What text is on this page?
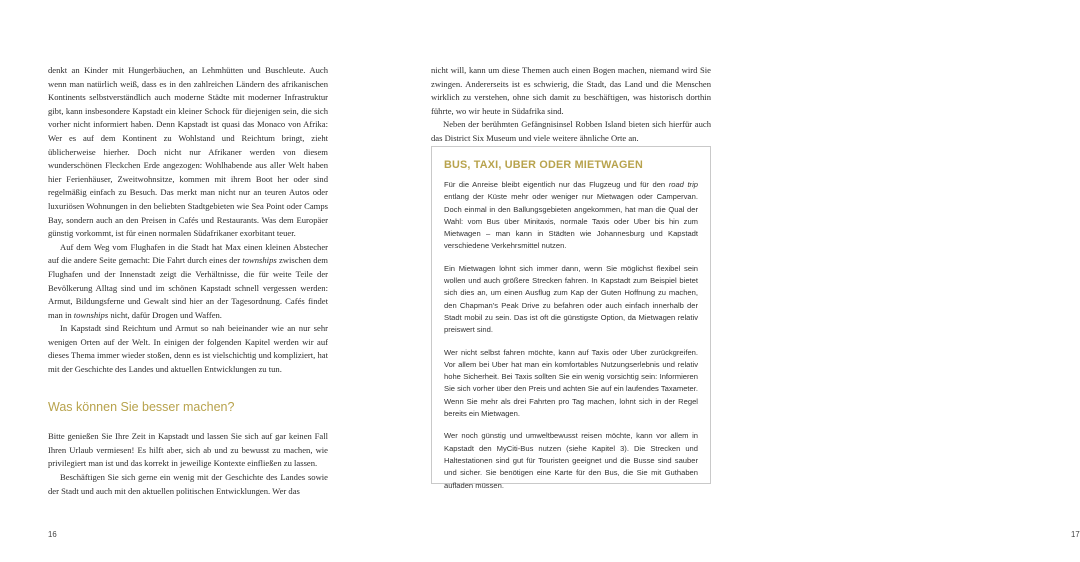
denkt an Kinder mit Hungerbäuchen, an Lehmhütten und Buschleute. Auch wenn man natürlich weiß, dass es in den zahlreichen Ländern des afrikanischen Kontinents selbstverständlich auch moderne Städte mit moderner Infrastruktur gibt, kann insbesondere Kapstadt ein kleiner Schock für diejenigen sein, die sich vorher nicht informiert haben. Denn Kapstadt ist quasi das Monaco von Afrika: Wer es auf dem Kontinent zu Wohlstand und Reichtum bringt, zieht üblicherweise hierher. Doch nicht nur Afrikaner werden von diesem wunderschönen Fleckchen Erde angezogen: Wohlhabende aus aller Welt haben hier Ferienhäuser, Zweitwohnsitze, kommen mit ihrem Boot her oder sind regelmäßig einfach zu Besuch. Das merkt man nicht nur an teuren Autos oder luxuriösen Wohnungen in den beliebten Stadtgebieten wie Sea Point oder Camps Bay, sondern auch an den Preisen in Cafés und Restaurants. Was dem Europäer günstig vorkommt, ist für einen normalen Südafrikaner exorbitant teuer.

Auf dem Weg vom Flughafen in die Stadt hat Max einen kleinen Abstecher auf die andere Seite gemacht: Die Fahrt durch eines der townships zwischen dem Flughafen und der Innenstadt zeigt die Verhältnisse, die für weite Teile der Bevölkerung Alltag sind und im schönen Kapstadt schnell vergessen werden: Armut, Bildungsferne und Gewalt sind hier an der Tagesordnung. Cafés findet man in townships nicht, dafür Drogen und Waffen.

In Kapstadt sind Reichtum und Armut so nah beieinander wie an nur sehr wenigen Orten auf der Welt. In einigen der folgenden Kapitel werden wir auf dieses Thema immer wieder stoßen, denn es ist vielschichtig und kompliziert, hat mit der Geschichte des Landes und aktuellen Entwicklungen zu tun.

Was können Sie besser machen?

Bitte genießen Sie Ihre Zeit in Kapstadt und lassen Sie sich auf gar keinen Fall Ihren Urlaub vermiesen! Es hilft aber, sich ab und zu bewusst zu machen, wie privilegiert man ist und das korrekt in jeweilige Kontexte einfließen zu lassen.

Beschäftigen Sie sich gerne ein wenig mit der Geschichte des Landes sowie der Stadt und auch mit den aktuellen politischen Entwicklungen. Wer das

16

nicht will, kann um diese Themen auch einen Bogen machen, niemand wird Sie zwingen. Andererseits ist es schwierig, die Stadt, das Land und die Menschen wirklich zu verstehen, ohne sich damit zu beschäftigen, was historisch dorthin führte, wo wir heute in Südafrika sind.

Neben der berühmten Gefängnisinsel Robben Island bieten sich hierfür auch das District Six Museum und viele weitere ähnliche Orte an.

BUS, TAXI, UBER ODER MIETWAGEN

Für die Anreise bleibt eigentlich nur das Flugzeug und für den road trip entlang der Küste mehr oder weniger nur Mietwagen oder Campervan. Doch einmal in den Ballungsgebieten angekommen, hat man die Qual der Wahl: vom Bus über Minitaxis, normale Taxis oder Uber bis hin zum Mietwagen – man kann in Städten wie Johannesburg und Kapstadt verschiedene Verkehrsmittel nutzen.

Ein Mietwagen lohnt sich immer dann, wenn Sie möglichst flexibel sein wollen und auch größere Strecken fahren. In Kapstadt zum Beispiel bietet sich dies an, um einen Ausflug zum Kap der Guten Hoffnung zu machen, den Chapman’s Peak Drive zu befahren oder auch einfach innerhalb der Stadt mobil zu sein. Das ist oft die günstigste Option, da Mietwagen relativ preiswert sind.

Wer nicht selbst fahren möchte, kann auf Taxis oder Uber zurückgreifen. Vor allem bei Uber hat man ein komfortables Nutzungserlebnis und relativ hohe Sicherheit. Bei Taxis sollten Sie ein wenig vorsichtig sein: Informieren Sie sich vorher über den Preis und achten Sie auf ein laufendes Taxameter. Wenn Sie mehr als drei Fahrten pro Tag machen, lohnt sich in der Regel bereits ein Mietwagen.

Wer noch günstig und umweltbewusst reisen möchte, kann vor allem in Kapstadt den MyCiti-Bus nutzen (siehe Kapitel 3). Die Strecken und Haltestationen sind gut für Touristen geeignet und die Busse sind sauber und sicher. Sie benötigen eine Karte für den Bus, die Sie mit Guthaben aufladen müssen.

17
